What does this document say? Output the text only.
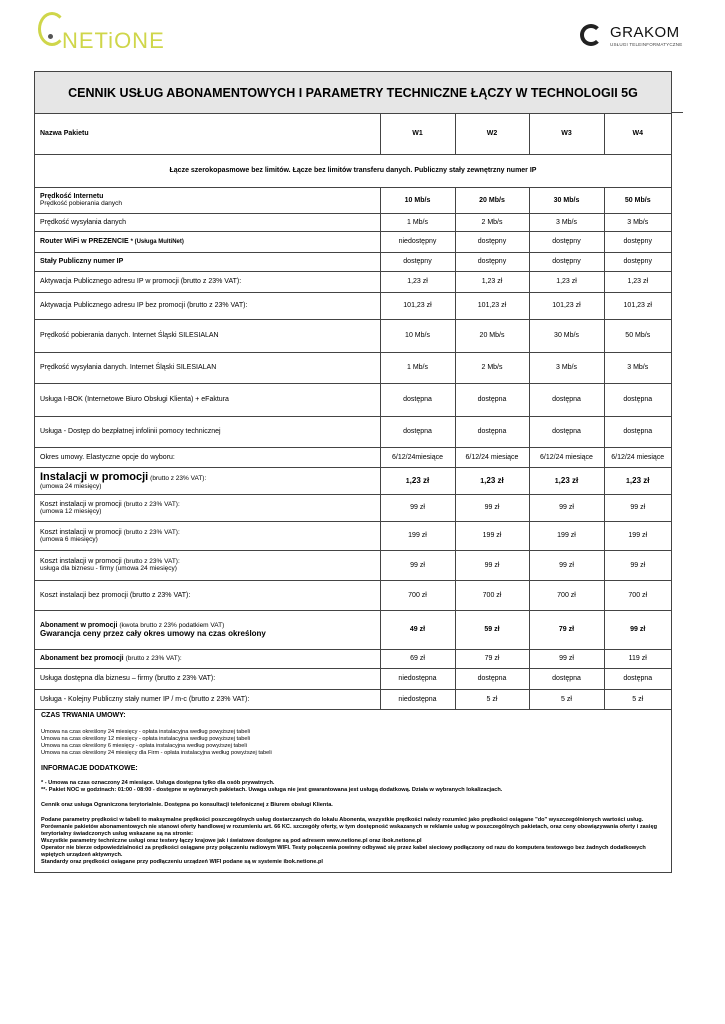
NETiONE	GRAKOM
USŁUGI TELEINFORMATYCZNE
CENNIK USŁUG ABONAMENTOWYCH I PARAMETRY TECHNICZNE ŁĄCZY W TECHNOLOGII 5G
Nazwa Pakietu	W1	W2	W3	W4
Łącze szerokopasmowe bez limitów. Łącze bez limitów transferu danych. Publiczny stały zewnętrzny numer IP				
Prędkość Internetu
Prędkość pobierania danych	10 Mb/s	20 Mb/s	30 Mb/s	50 Mb/s
Prędkość wysyłania danych	1 Mb/s	2 Mb/s	3 Mb/s	3 Mb/s
Router WiFi w PREZENCIE * (Usługa MultiNet)	niedostępny	dostępny	dostępny	dostępny
Stały Publiczny numer IP	dostępny	dostępny	dostępny	dostępny
Aktywacja Publicznego adresu IP w promocji (brutto z 23% VAT):	1,23 zł	1,23 zł	1,23 zł	1,23 zł
Aktywacja Publicznego adresu IP bez promocji (brutto z 23% VAT):	101,23 zł	101,23 zł	101,23 zł	101,23 zł
Prędkość pobierania danych. Internet Śląski SILESIALAN	10 Mb/s	20 Mb/s	30 Mb/s	50 Mb/s
Prędkość wysyłania danych. Internet Śląski SILESIALAN	1 Mb/s	2 Mb/s	3 Mb/s	3 Mb/s
Usługa I-BOK (Internetowe Biuro Obsługi Klienta) + eFaktura	dostępna	dostępna	dostępna	dostępna
Usługa - Dostęp do bezpłatnej infolinii pomocy technicznej	dostępna	dostępna	dostępna	dostępna
Okres umowy. Elastyczne opcje do wyboru:	6/12/24miesiące	6/12/24 miesiące	6/12/24 miesiące	6/12/24 miesiące
Instalacji w promocji (brutto z 23% VAT):
(umowa 24 miesięcy)	1,23 zł	1,23 zł	1,23 zł	1,23 zł
Koszt instalacji w promocji (brutto z 23% VAT):
(umowa 12 miesięcy)	99 zł	99 zł	99 zł	99 zł
Koszt instalacji w promocji (brutto z 23% VAT):
(umowa 6 miesięcy)	199 zł	199 zł	199 zł	199 zł
Koszt instalacji w promocji (brutto z 23% VAT):
usługa dla biznesu - firmy (umowa 24 miesięcy)	99 zł	99 zł	99 zł	99 zł
Koszt instalacji bez promocji (brutto z 23% VAT):	700 zł	700 zł	700 zł	700 zł
Abonament w promocji (kwota brutto z 23% podatkiem VAT)
Gwarancja ceny przez cały okres umowy na czas określony	49 zł	59 zł	79 zł	99 zł
Abonament bez promocji (brutto z 23% VAT):	69 zł	79 zł	99 zł	119 zł
Usługa dostępna dla biznesu – firmy (brutto z 23% VAT):	niedostępna	dostępna	dostępna	dostępna
Usługa - Kolejny Publiczny stały numer IP / m-c (brutto z 23% VAT):	niedostępna	5 zł	5 zł	5 zł
CZAS TRWANIA UMOWY:

Umowa na czas określony 24 miesięcy - opłata instalacyjna według powyższej tabeli

Umowa na czas określony 12 miesięcy - opłata instalacyjna według powyższej tabeli

Umowa na czas określony 6 miesięcy - opłata instalacyjna według powyższej tabeli

Umowa na czas określony 24 miesięcy dla Firm - opłata instalacyjna według powyższej tabeli

INFORMACJE DODATKOWE:

* - Umowa na czas oznaczony 24 miesiące. Usługa dostępna tylko dla osób prywatnych.

**- Pakiet NOC w godzinach: 01:00 - 08:00 - dostępne w wybranych pakietach. Uwaga usługa nie jest gwarantowana jest usługą dodatkową. Działa w wybranych lokalizacjach.

Cennik oraz usługa Ograniczona terytorialnie. Dostępna po konsultacji telefonicznej z Biurem obsługi Klienta.

Podane parametry prędkości w tabeli to maksymalne prędkości poszczególnych usług dostarczanych do lokalu Abonenta, wszystkie prędkości należy rozumieć jako prędkości osiągane "do" wyszczególnionych wartości usług.

Porównanie pakietów abonamentowych nie stanowi oferty handlowej w rozumieniu art. 66 KC. szczegóły oferty, w tym dostępność wskazanych w reklamie usług w poszczególnych pakietach, oraz ceny obowiązywania oferty i zasięg terytorialny świadczonych usług wskazane są na stronie:

Wszystkie parametry techniczne usługi oraz testery łączy krajowe jak i światowe dostępne są pod adresem www.netione.pl oraz ibok.netione.pl

Operator nie bierze odpowiedzialności za prędkości osiągane przy połączeniu radiowym WIFI. Testy połączenia powinny odbywać się przez kabel sieciowy podłączony od razu do komputera testowego bez żadnych dodatkowych wpiętych urządzeń aktywnych.

Standardy oraz prędkości osiągane przy podłączeniu urządzeń WIFI podane są w systemie ibok.netione.pl
